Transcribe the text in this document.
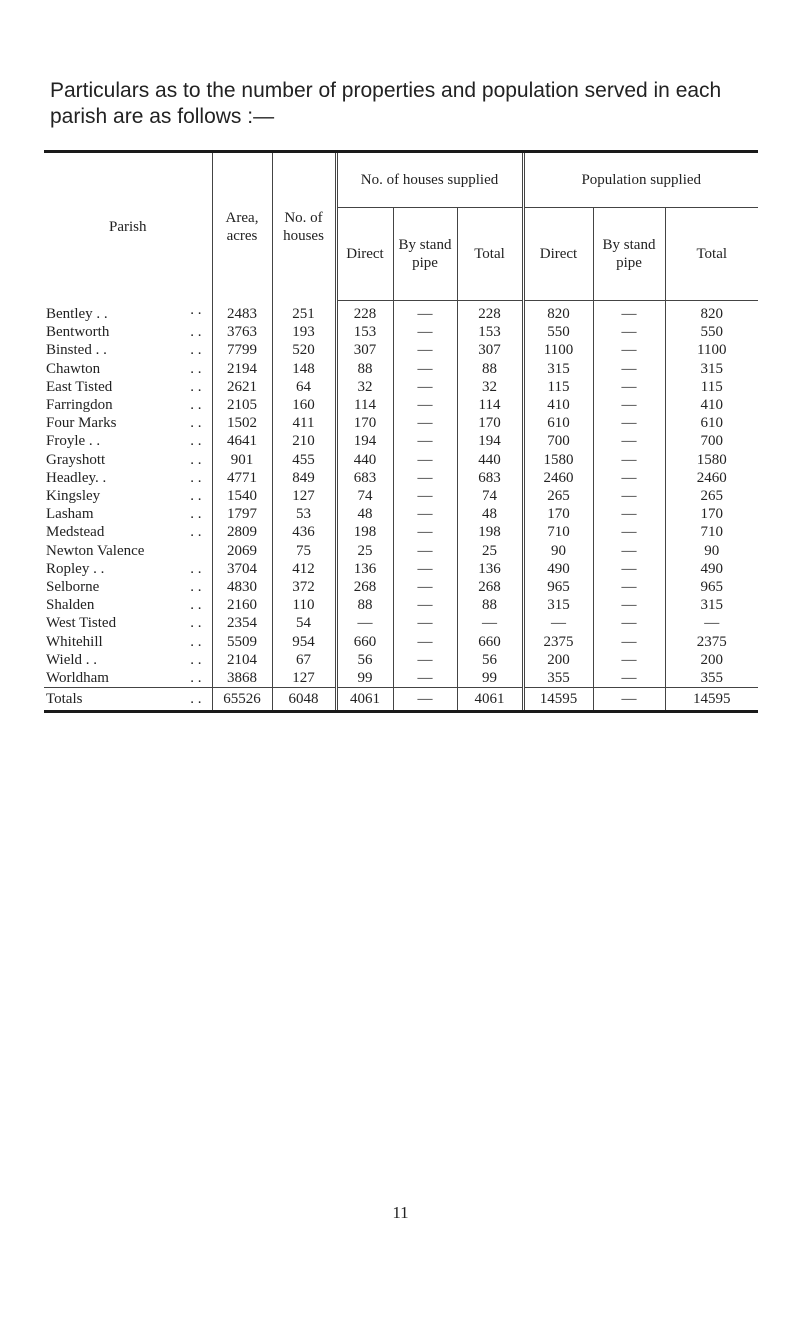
Particulars as to the number of properties and population served in each parish are as follows :—
Parish	Area, acres	No. of houses	No. of houses supplied			Population supplied		
			Direct	By stand pipe	Total	Direct	By stand pipe	Total
Bentley . . . .	2483	251	228	—	228	820	—	820
Bentworth . .	3763	193	153	—	153	550	—	550
Binsted . . . .	7799	520	307	—	307	1100	—	1100
Chawton . .	2194	148	88	—	88	315	—	315
East Tisted . .	2621	64	32	—	32	115	—	115
Farringdon . .	2105	160	114	—	114	410	—	410
Four Marks . .	1502	411	170	—	170	610	—	610
Froyle . . . .	4641	210	194	—	194	700	—	700
Grayshott . .	901	455	440	—	440	1580	—	1580
Headley. . . .	4771	849	683	—	683	2460	—	2460
Kingsley . .	1540	127	74	—	74	265	—	265
Lasham . .	1797	53	48	—	48	170	—	170
Medstead . .	2809	436	198	—	198	710	—	710
Newton Valence	2069	75	25	—	25	90	—	90
Ropley . . . .	3704	412	136	—	136	490	—	490
Selborne . .	4830	372	268	—	268	965	—	965
Shalden . .	2160	110	88	—	88	315	—	315
West Tisted . .	2354	54	—	—	—	—	—	—
Whitehill . .	5509	954	660	—	660	2375	—	2375
Wield . . . .	2104	67	56	—	56	200	—	200
Worldham . .	3868	127	99	—	99	355	—	355
Totals . .	65526	6048	4061	—	4061	14595	—	14595
11
